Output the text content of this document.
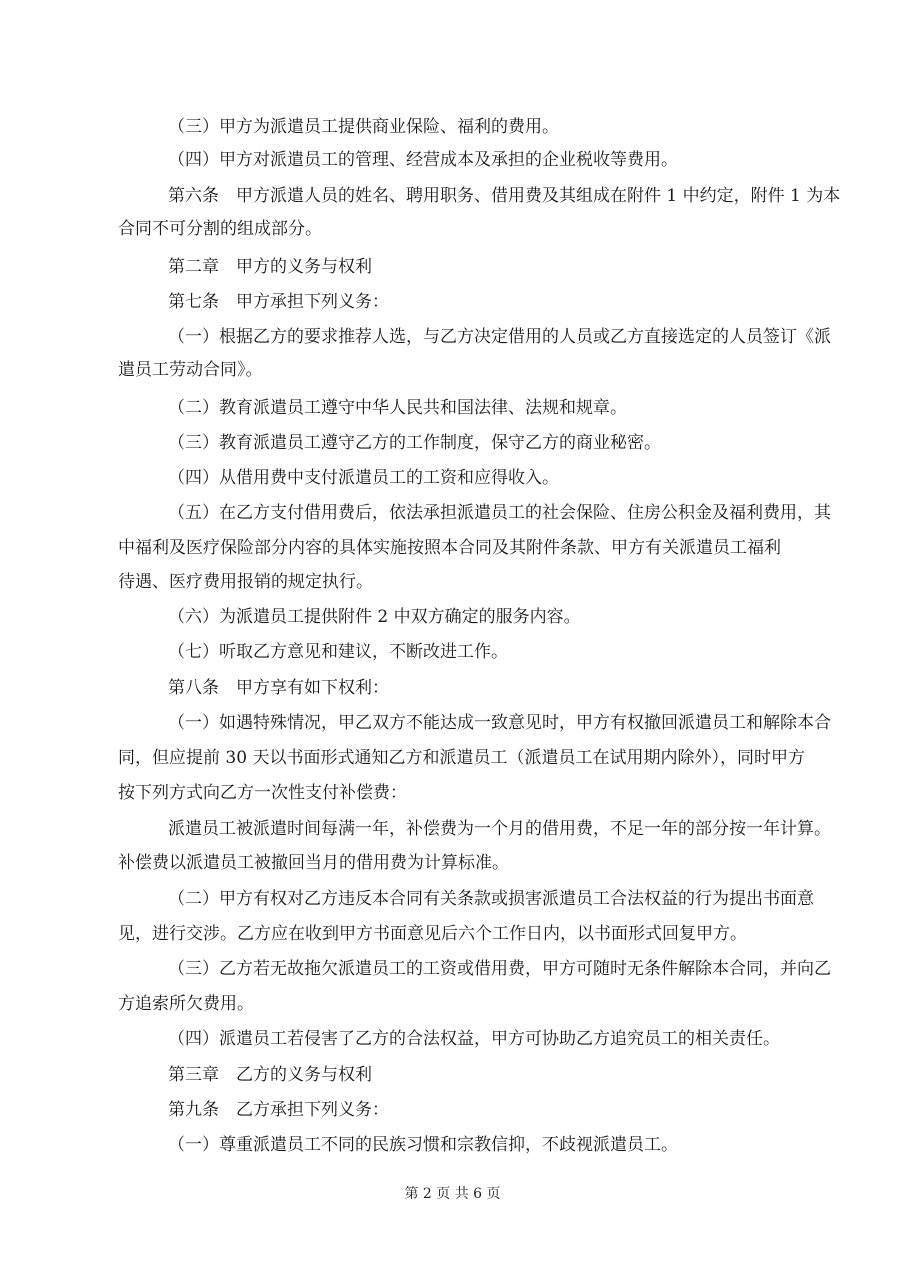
（三）甲方为派遣员工提供商业保险、福利的费用。
（四）甲方对派遣员工的管理、经营成本及承担的企业税收等费用。
第六条　甲方派遣人员的姓名、聘用职务、借用费及其组成在附件 1 中约定，附件 1 为本
合同不可分割的组成部分。
第二章　甲方的义务与权利
第七条　甲方承担下列义务：
（一）根据乙方的要求推荐人选，与乙方决定借用的人员或乙方直接选定的人员签订《派
遣员工劳动合同》。
（二）教育派遣员工遵守中华人民共和国法律、法规和规章。
（三）教育派遣员工遵守乙方的工作制度，保守乙方的商业秘密。
（四）从借用费中支付派遣员工的工资和应得收入。
（五）在乙方支付借用费后，依法承担派遣员工的社会保险、住房公积金及福利费用，其
中福利及医疗保险部分内容的具体实施按照本合同及其附件条款、甲方有关派遣员工福利
待遇、医疗费用报销的规定执行。
（六）为派遣员工提供附件 2 中双方确定的服务内容。
（七）听取乙方意见和建议，不断改进工作。
第八条　甲方享有如下权利：
（一）如遇特殊情况，甲乙双方不能达成一致意见时，甲方有权撤回派遣员工和解除本合
同，但应提前 30 天以书面形式通知乙方和派遣员工（派遣员工在试用期内除外），同时甲方
按下列方式向乙方一次性支付补偿费：
派遣员工被派遣时间每满一年，补偿费为一个月的借用费，不足一年的部分按一年计算。
补偿费以派遣员工被撤回当月的借用费为计算标准。
（二）甲方有权对乙方违反本合同有关条款或损害派遣员工合法权益的行为提出书面意
见，进行交涉。乙方应在收到甲方书面意见后六个工作日内，以书面形式回复甲方。
（三）乙方若无故拖欠派遣员工的工资或借用费，甲方可随时无条件解除本合同，并向乙
方追索所欠费用。
（四）派遣员工若侵害了乙方的合法权益，甲方可协助乙方追究员工的相关责任。
第三章　乙方的义务与权利
第九条　乙方承担下列义务：
（一）尊重派遣员工不同的民族习惯和宗教信抑，不歧视派遣员工。
第 2 页 共 6 页
